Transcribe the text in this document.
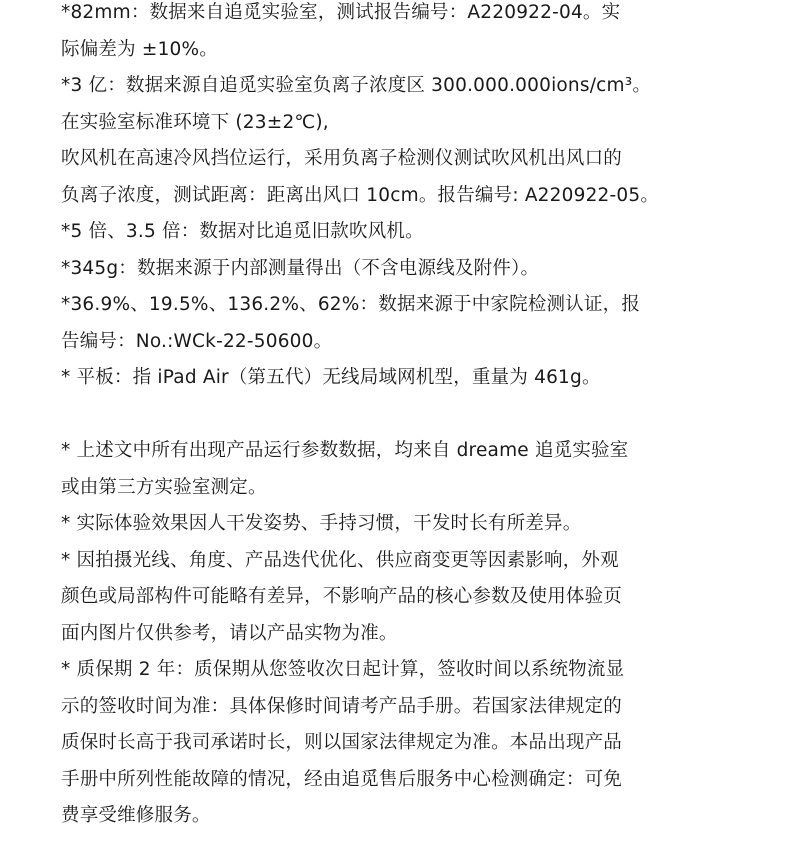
*82mm：数据来自追觅实验室，测试报告编号：A220922-04。实
际偏差为 ±10%。
*3 亿：数据来源自追觅实验室负离子浓度区 300.000.000ions/cm³。
在实验室标准环境下 (23±2℃),
吹风机在高速冷风挡位运行，采用负离子检测仪测试吹风机出风口的
负离子浓度，测试距离：距离出风口 10cm。报告编号: A220922-05。
*5 倍、3.5 倍：数据对比追觅旧款吹风机。
*345g：数据来源于内部测量得出（不含电源线及附件）。
*36.9%、19.5%、136.2%、62%：数据来源于中家院检测认证，报
告编号：No.:WCk-22-50600。
* 平板：指 iPad Air（第五代）无线局域网机型，重量为 461g。
* 上述文中所有出现产品运行参数数据，均来自 dreame 追觅实验室
或由第三方实验室测定。
* 实际体验效果因人干发姿势、手持习惯，干发时长有所差异。
* 因拍摄光线、角度、产品迭代优化、供应商变更等因素影响，外观
颜色或局部构件可能略有差异，不影响产品的核心参数及使用体验页
面内图片仅供参考，请以产品实物为准。
* 质保期 2 年：质保期从您签收次日起计算，签收时间以系统物流显
示的签收时间为准：具体保修时间请考产品手册。若国家法律规定的
质保时长高于我司承诺时长，则以国家法律规定为准。本品出现产品
手册中所列性能故障的情况，经由追觅售后服务中心检测确定：可免
费享受维修服务。
